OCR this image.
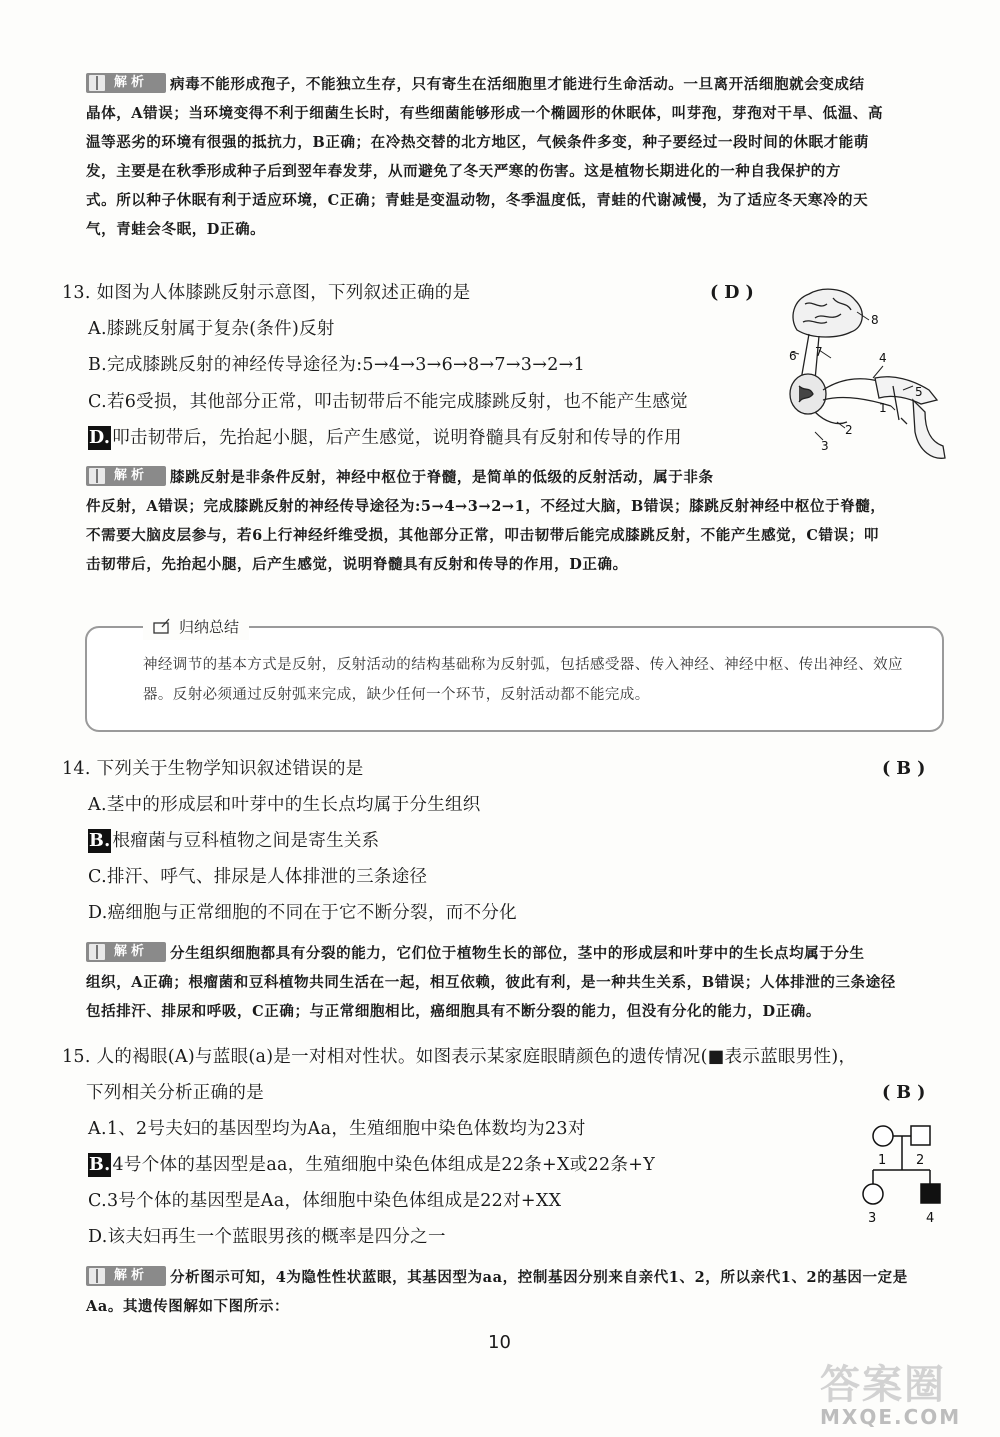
解析 病毒不能形成孢子，不能独立生存，只有寄生在活细胞里才能进行生命活动。一旦离开活细胞就会变成结
晶体，A错误；当环境变得不利于细菌生长时，有些细菌能够形成一个椭圆形的休眠体，叫芽孢，芽孢对干旱、低温、高
温等恶劣的环境有很强的抵抗力，B正确；在冷热交替的北方地区，气候条件多变，种子要经过一段时间的休眠才能萌
发，主要是在秋季形成种子后到翌年春发芽，从而避免了冬天严寒的伤害。这是植物长期进化的一种自我保护的方
式。所以种子休眠有利于适应环境，C正确；青蛙是变温动物，冬季温度低，青蛙的代谢减慢，为了适应冬天寒冷的天
气，青蛙会冬眠，D正确。
13. 如图为人体膝跳反射示意图，下列叙述正确的是	(D)
A.膝跳反射属于复杂(条件)反射
B.完成膝跳反射的神经传导途径为:5→4→3→6→8→7→3→2→1
C.若6受损，其他部分正常，叩击韧带后不能完成膝跳反射，也不能产生感觉
D. 叩击韧带后，先抬起小腿，后产生感觉，说明脊髓具有反射和传导的作用
8
7
6	4
5
1
2
3
解析 膝跳反射是非条件反射，神经中枢位于脊髓，是简单的低级的反射活动，属于非条
件反射，A错误；完成膝跳反射的神经传导途径为:5→4→3→2→1，不经过大脑，B错误；膝跳反射神经中枢位于脊髓，
不需要大脑皮层参与，若6上行神经纤维受损，其他部分正常，叩击韧带后能完成膝跳反射，不能产生感觉，C错误；叩
击韧带后，先抬起小腿，后产生感觉，说明脊髓具有反射和传导的作用，D正确。
归纳总结
神经调节的基本方式是反射，反射活动的结构基础称为反射弧，包括感受器、传入神经、神经中枢、传出神经、效应器。反射必须通过反射弧来完成，缺少任何一个环节，反射活动都不能完成。
14. 下列关于生物学知识叙述错误的是	(B)
A.茎中的形成层和叶芽中的生长点均属于分生组织
B. 根瘤菌与豆科植物之间是寄生关系
C.排汗、呼气、排尿是人体排泄的三条途径
D.癌细胞与正常细胞的不同在于它不断分裂，而不分化
解析 分生组织细胞都具有分裂的能力，它们位于植物生长的部位，茎中的形成层和叶芽中的生长点均属于分生
组织，A正确；根瘤菌和豆科植物共同生活在一起，相互依赖，彼此有利，是一种共生关系，B错误；人体排泄的三条途径
包括排汗、排尿和呼吸，C正确；与正常细胞相比，癌细胞具有不断分裂的能力，但没有分化的能力，D正确。
15. 人的褐眼(A)与蓝眼(a)是一对相对性状。如图表示某家庭眼睛颜色的遗传情况(■表示蓝眼男性)，
下列相关分析正确的是	(B)
A.1、2号夫妇的基因型均为Aa，生殖细胞中染色体数均为23对
B. 4号个体的基因型是aa，生殖细胞中染色体组成是22条+X或22条+Y
C.3号个体的基因型是Aa，体细胞中染色体组成是22对+XX
D.该夫妇再生一个蓝眼男孩的概率是四分之一
1 2
3	4
解析 分析图示可知，4为隐性性状蓝眼，其基因型为aa，控制基因分别来自亲代1、2，所以亲代1、2的基因一定是
Aa。其遗传图解如下图所示：
10
答案圈
MXQE.COM
